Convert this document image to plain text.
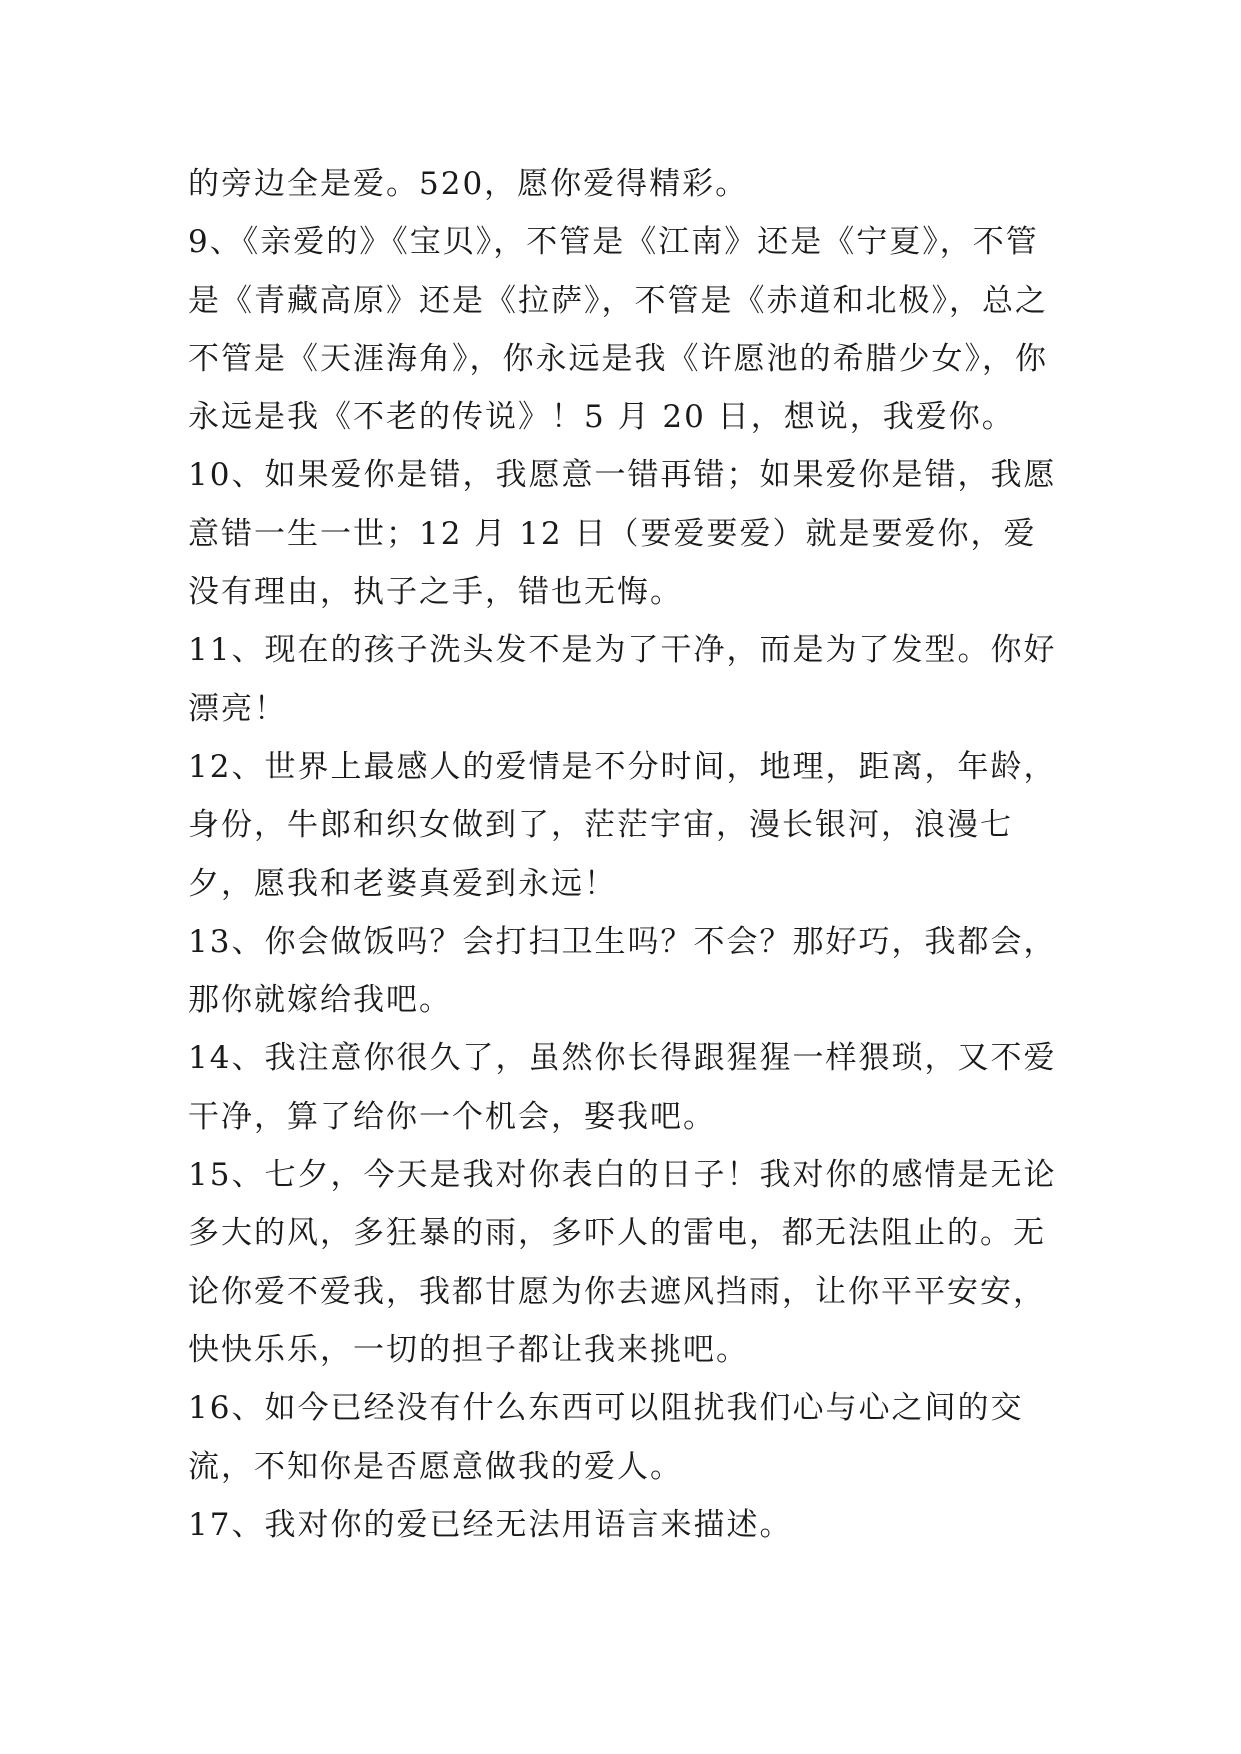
的旁边全是爱。520，愿你爱得精彩。

9、《亲爱的》《宝贝》，不管是《江南》还是《宁夏》，不管是《青藏高原》还是《拉萨》，不管是《赤道和北极》，总之不管是《天涯海角》，你永远是我《许愿池的希腊少女》，你永远是我《不老的传说》！5 月 20 日，想说，我爱你。

10、如果爱你是错，我愿意一错再错；如果爱你是错，我愿意错一生一世；12 月 12 日（要爱要爱）就是要爱你，爱没有理由，执子之手，错也无悔。

11、现在的孩子洗头发不是为了干净，而是为了发型。你好漂亮！

12、世界上最感人的爱情是不分时间，地理，距离，年龄，身份，牛郎和织女做到了，茫茫宇宙，漫长银河，浪漫七夕，愿我和老婆真爱到永远！

13、你会做饭吗？会打扫卫生吗？不会？那好巧，我都会，那你就嫁给我吧。

14、我注意你很久了，虽然你长得跟猩猩一样猥琐，又不爱干净，算了给你一个机会，娶我吧。

15、七夕，今天是我对你表白的日子！我对你的感情是无论多大的风，多狂暴的雨，多吓人的雷电，都无法阻止的。无论你爱不爱我，我都甘愿为你去遮风挡雨，让你平平安安，快快乐乐，一切的担子都让我来挑吧。

16、如今已经没有什么东西可以阻扰我们心与心之间的交流，不知你是否愿意做我的爱人。

17、我对你的爱已经无法用语言来描述。
